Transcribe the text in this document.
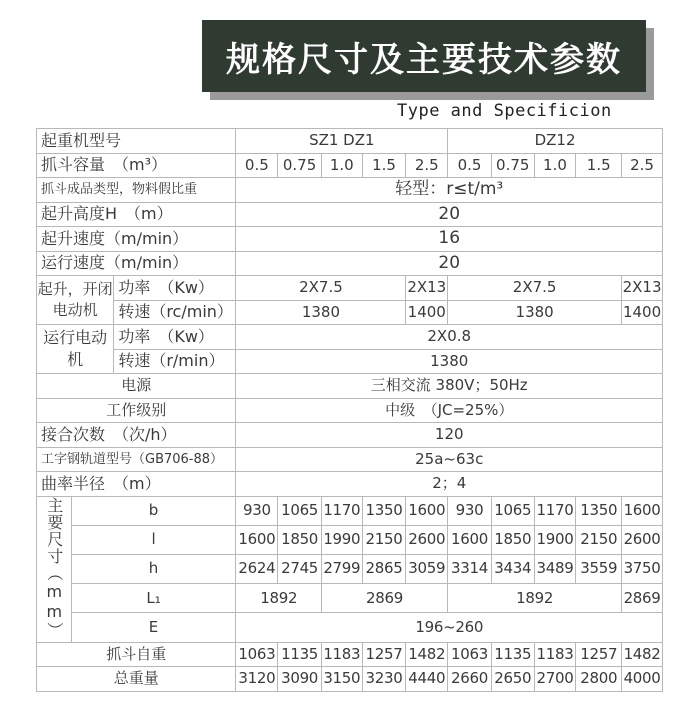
规格尺寸及主要技术参数
Type and Specificion
起重机型号			SZ1 DZ1					DZ12				
抓斗容量　（m³）			0.5	0.75	1.0	1.5	2.5	0.5	0.75	1.0	1.5	2.5
抓斗成品类型，物料假比重			轻型：r≤t/m³									
起升高度H　（m）			20									
起升速度（m/min）			16									
运行速度（m/min）			20									
起升，开闭电动机		功率　（Kw）	2X7.5				2X13	2X7.5				2X13
		转速（rc/min）	1380				1400	1380				1400
运行电动机		功率　（Kw）	2X0.8									
		转速（r/min）	1380									
电源			三相交流 380V；50Hz									
工作级别			中级　（JC=25%）									
接合次数　（次/h）			120									
工字钢轨道型号（GB706-88）			25a~63c									
曲率半径　（m）			2；4									
主要尺寸（mm）	b		930	1065	1170	1350	1600	930	1065	1170	1350	1600
	l		1600	1850	1990	2150	2600	1600	1850	1900	2150	2600
	h		2624	2745	2799	2865	3059	3314	3434	3489	3559	3750
	L₁		1892		2869			1892				2869
	E		196~260									
抓斗自重			1063	1135	1183	1257	1482	1063	1135	1183	1257	1482
总重量			3120	3090	3150	3230	4440	2660	2650	2700	2800	4000
